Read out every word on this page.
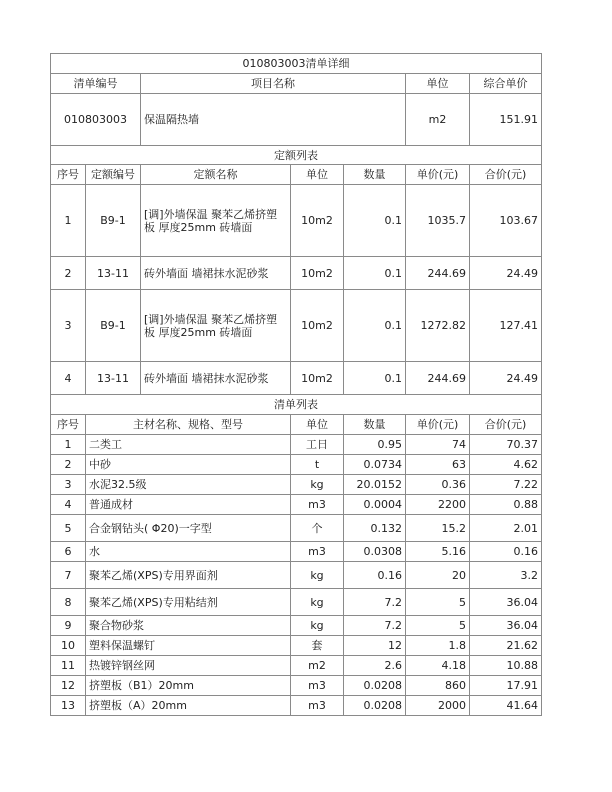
010803003清单详细						
清单编号		项目名称			单位	综合单价
010803003		保温隔热墙			m2	151.91
定额列表						
序号	定额编号	定额名称	单位	数量	单价(元)	合价(元)
1	B9-1	[调]外墙保温 聚苯乙烯挤塑板 厚度25mm 砖墙面	10m2	0.1	1035.7	103.67
2	13-11	砖外墙面 墙裙抹水泥砂浆	10m2	0.1	244.69	24.49
3	B9-1	[调]外墙保温 聚苯乙烯挤塑板 厚度25mm 砖墙面	10m2	0.1	1272.82	127.41
4	13-11	砖外墙面 墙裙抹水泥砂浆	10m2	0.1	244.69	24.49
清单列表						
序号	主材名称、规格、型号		单位	数量	单价(元)	合价(元)
1	二类工		工日	0.95	74	70.37
2	中砂		t	0.0734	63	4.62
3	水泥32.5级		kg	20.0152	0.36	7.22
4	普通成材		m3	0.0004	2200	0.88
5	合金钢钻头( Φ20)一字型		个	0.132	15.2	2.01
6	水		m3	0.0308	5.16	0.16
7	聚苯乙烯(XPS)专用界面剂		kg	0.16	20	3.2
8	聚苯乙烯(XPS)专用粘结剂		kg	7.2	5	36.04
9	聚合物砂浆		kg	7.2	5	36.04
10	塑料保温螺钉		套	12	1.8	21.62
11	热镀锌钢丝网		m2	2.6	4.18	10.88
12	挤塑板（B1）20mm		m3	0.0208	860	17.91
13	挤塑板（A）20mm		m3	0.0208	2000	41.64
